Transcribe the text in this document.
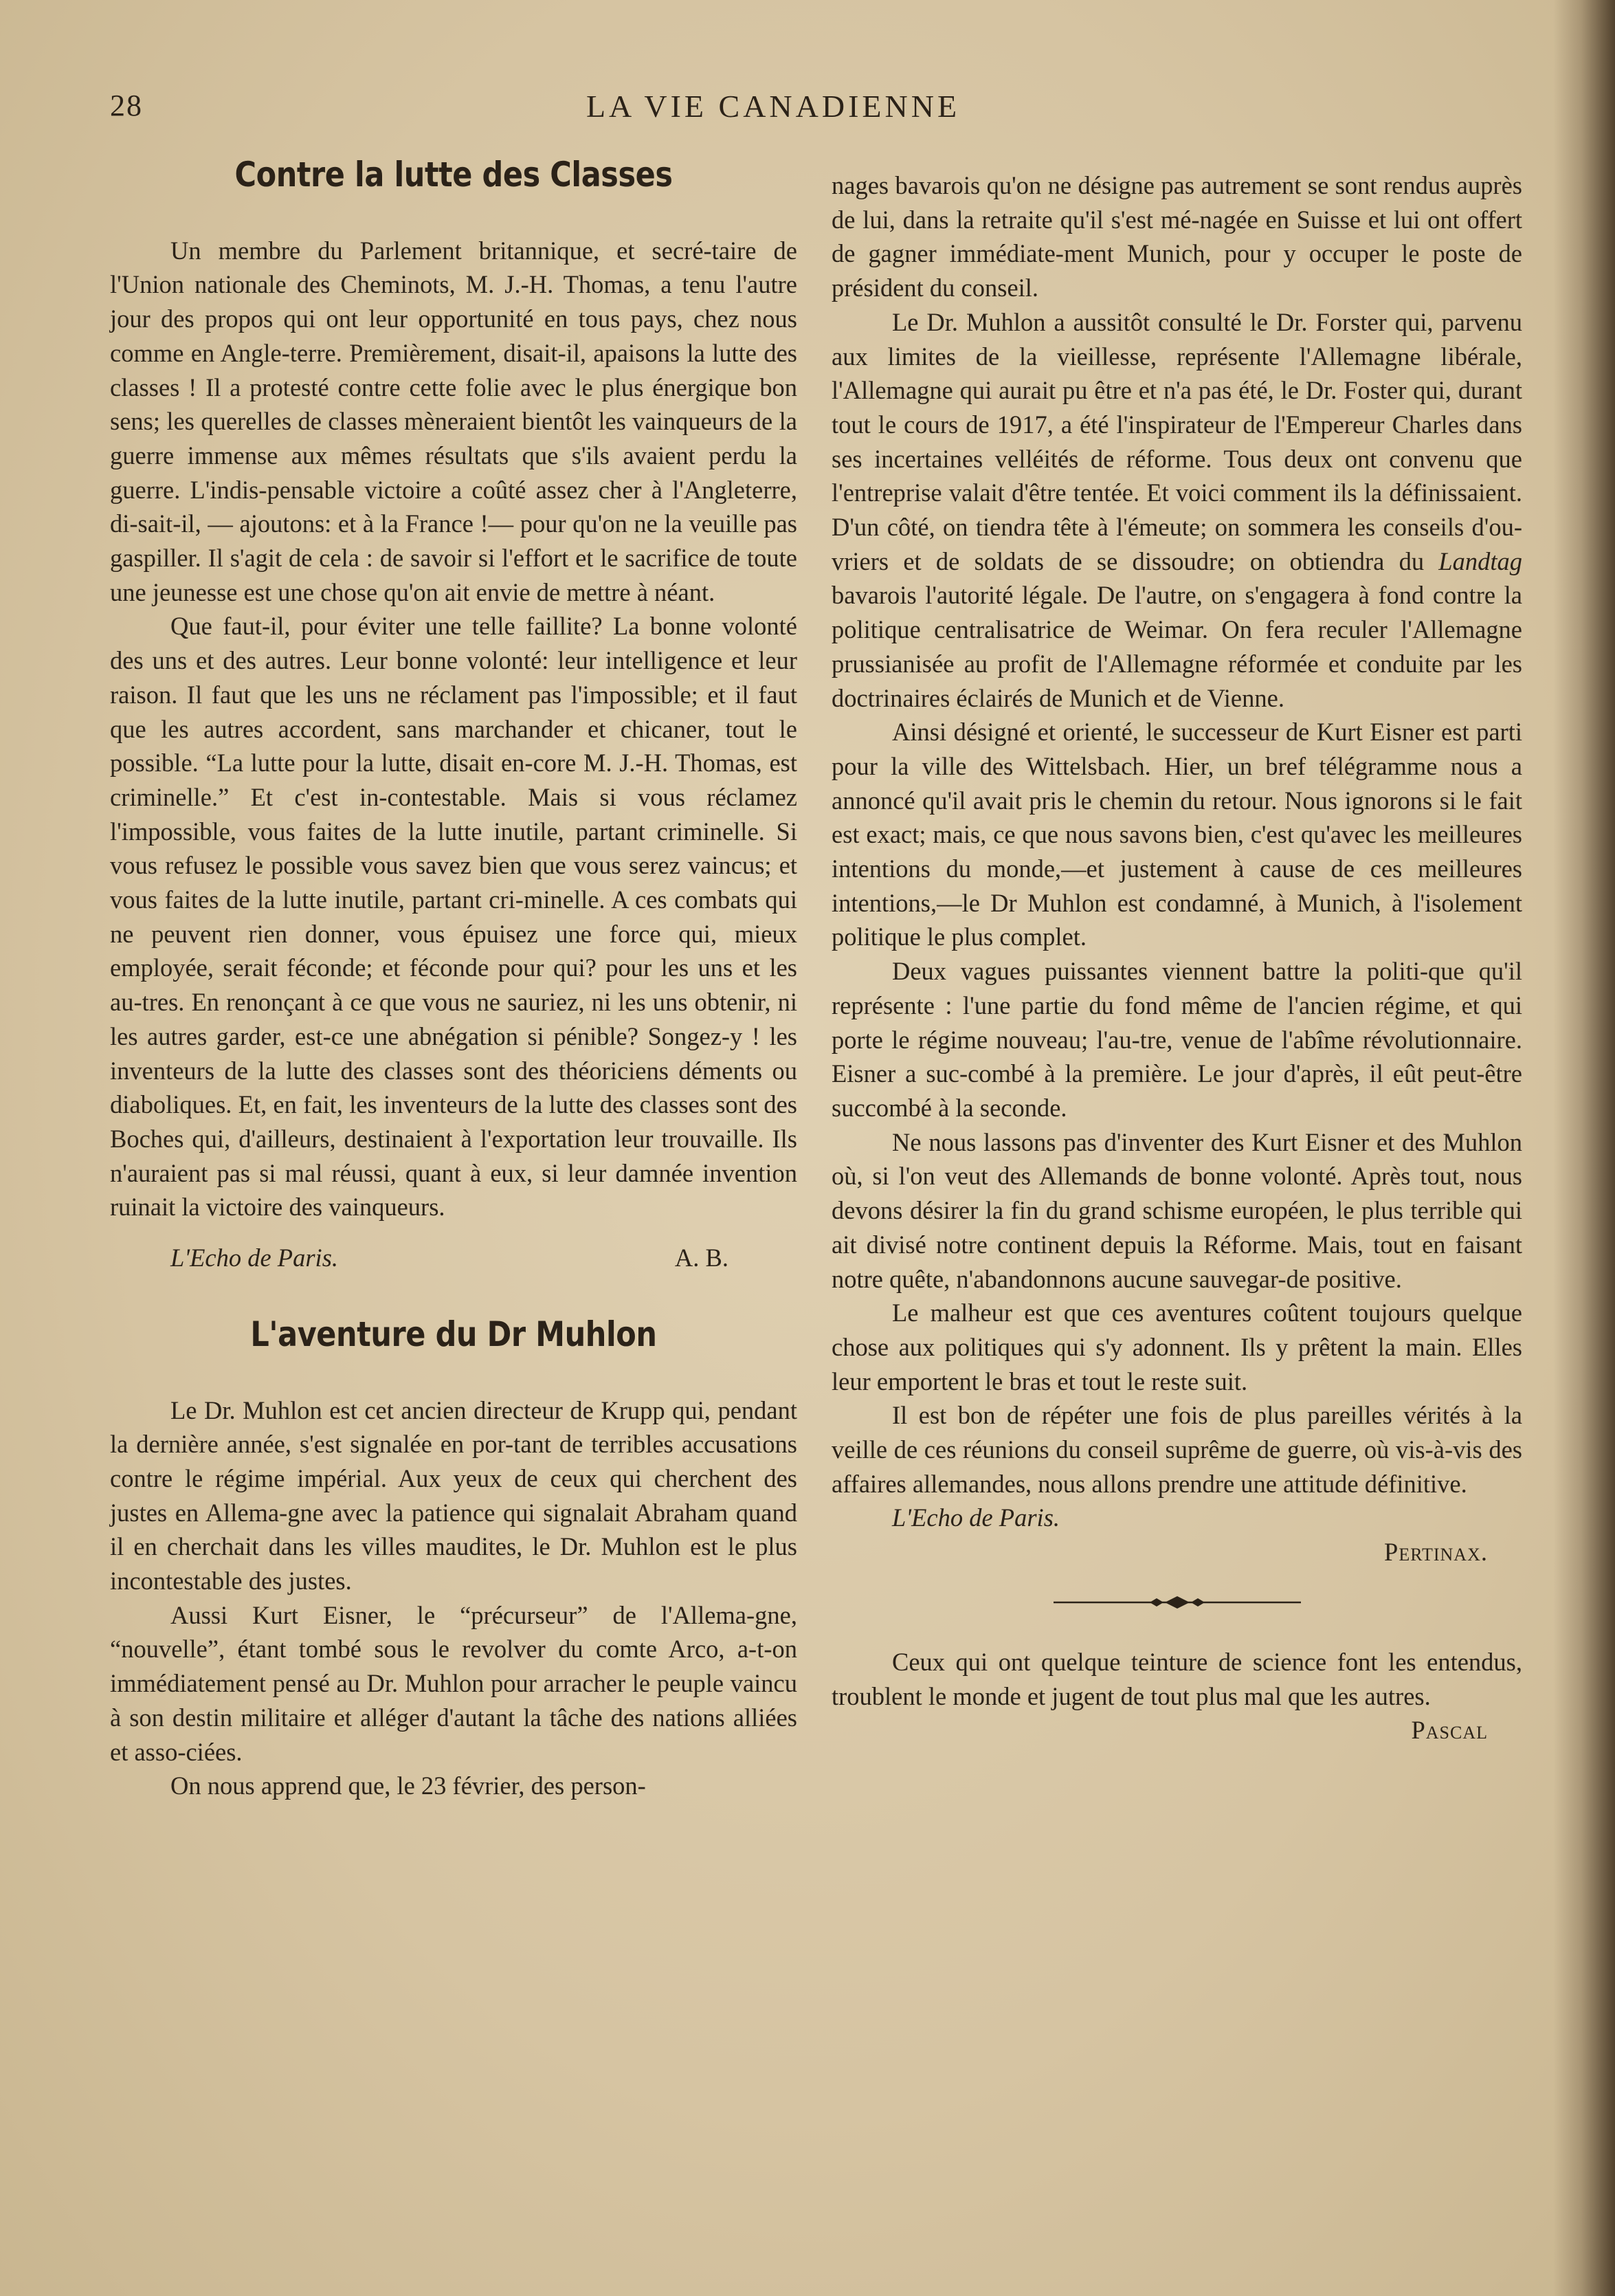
28	LA VIE CANADIENNE
Contre la lutte des Classes

Un membre du Parlement britannique, et secré-taire de l'Union nationale des Cheminots, M. J.-H. Thomas, a tenu l'autre jour des propos qui ont leur opportunité en tous pays, chez nous comme en Angle-terre. Premièrement, disait-il, apaisons la lutte des classes ! Il a protesté contre cette folie avec le plus énergique bon sens; les querelles de classes mèneraient bientôt les vainqueurs de la guerre immense aux mêmes résultats que s'ils avaient perdu la guerre. L'indis-pensable victoire a coûté assez cher à l'Angleterre, di-sait-il, — ajoutons: et à la France !— pour qu'on ne la veuille pas gaspiller. Il s'agit de cela : de savoir si l'effort et le sacrifice de toute une jeunesse est une chose qu'on ait envie de mettre à néant.

Que faut-il, pour éviter une telle faillite? La bonne volonté des uns et des autres. Leur bonne volonté: leur intelligence et leur raison. Il faut que les uns ne réclament pas l'impossible; et il faut que les autres accordent, sans marchander et chicaner, tout le possible. “La lutte pour la lutte, disait en-core M. J.-H. Thomas, est criminelle.” Et c'est in-contestable. Mais si vous réclamez l'impossible, vous faites de la lutte inutile, partant criminelle. Si vous refusez le possible vous savez bien que vous serez vaincus; et vous faites de la lutte inutile, partant cri-minelle. A ces combats qui ne peuvent rien donner, vous épuisez une force qui, mieux employée, serait féconde; et féconde pour qui? pour les uns et les au-tres. En renonçant à ce que vous ne sauriez, ni les uns obtenir, ni les autres garder, est-ce une abnégation si pénible? Songez-y ! les inventeurs de la lutte des classes sont des théoriciens déments ou diaboliques. Et, en fait, les inventeurs de la lutte des classes sont des Boches qui, d'ailleurs, destinaient à l'exportation leur trouvaille. Ils n'auraient pas si mal réussi, quant à eux, si leur damnée invention ruinait la victoire des vainqueurs.

L'Echo de Paris.	A. B.
L'aventure du Dr Muhlon

Le Dr. Muhlon est cet ancien directeur de Krupp qui, pendant la dernière année, s'est signalée en por-tant de terribles accusations contre le régime impérial. Aux yeux de ceux qui cherchent des justes en Allema-gne avec la patience qui signalait Abraham quand il en cherchait dans les villes maudites, le Dr. Muhlon est le plus incontestable des justes.

Aussi Kurt Eisner, le “précurseur” de l'Allema-gne, “nouvelle”, étant tombé sous le revolver du comte Arco, a-t-on immédiatement pensé au Dr. Muhlon pour arracher le peuple vaincu à son destin militaire et alléger d'autant la tâche des nations alliées et asso-ciées.

On nous apprend que, le 23 février, des person-

nages bavarois qu'on ne désigne pas autrement se sont rendus auprès de lui, dans la retraite qu'il s'est mé-nagée en Suisse et lui ont offert de gagner immédiate-ment Munich, pour y occuper le poste de président du conseil.

Le Dr. Muhlon a aussitôt consulté le Dr. Forster qui, parvenu aux limites de la vieillesse, représente l'Allemagne libérale, l'Allemagne qui aurait pu être et n'a pas été, le Dr. Foster qui, durant tout le cours de 1917, a été l'inspirateur de l'Empereur Charles dans ses incertaines velléités de réforme. Tous deux ont convenu que l'entreprise valait d'être tentée. Et voici comment ils la définissaient. D'un côté, on tiendra tête à l'émeute; on sommera les conseils d'ou-vriers et de soldats de se dissoudre; on obtiendra du Landtag bavarois l'autorité légale. De l'autre, on s'engagera à fond contre la politique centralisatrice de Weimar. On fera reculer l'Allemagne prussianisée au profit de l'Allemagne réformée et conduite par les doctrinaires éclairés de Munich et de Vienne.

Ainsi désigné et orienté, le successeur de Kurt Eisner est parti pour la ville des Wittelsbach. Hier, un bref télégramme nous a annoncé qu'il avait pris le chemin du retour. Nous ignorons si le fait est exact; mais, ce que nous savons bien, c'est qu'avec les meilleures intentions du monde,—et justement à cause de ces meilleures intentions,—le Dr Muhlon est condamné, à Munich, à l'isolement politique le plus complet.

Deux vagues puissantes viennent battre la politi-que qu'il représente : l'une partie du fond même de l'ancien régime, et qui porte le régime nouveau; l'au-tre, venue de l'abîme révolutionnaire. Eisner a suc-combé à la première. Le jour d'après, il eût peut-être succombé à la seconde.

Ne nous lassons pas d'inventer des Kurt Eisner et des Muhlon où, si l'on veut des Allemands de bonne volonté. Après tout, nous devons désirer la fin du grand schisme européen, le plus terrible qui ait divisé notre continent depuis la Réforme. Mais, tout en faisant notre quête, n'abandonnons aucune sauvegar-de positive.

Le malheur est que ces aventures coûtent toujours quelque chose aux politiques qui s'y adonnent. Ils y prêtent la main. Elles leur emportent le bras et tout le reste suit.

Il est bon de répéter une fois de plus pareilles vérités à la veille de ces réunions du conseil suprême de guerre, où vis-à-vis des affaires allemandes, nous allons prendre une attitude définitive.

L'Echo de Paris.
Pertinax.

Ceux qui ont quelque teinture de science font les entendus, troublent le monde et jugent de tout plus mal que les autres.

Pascal
